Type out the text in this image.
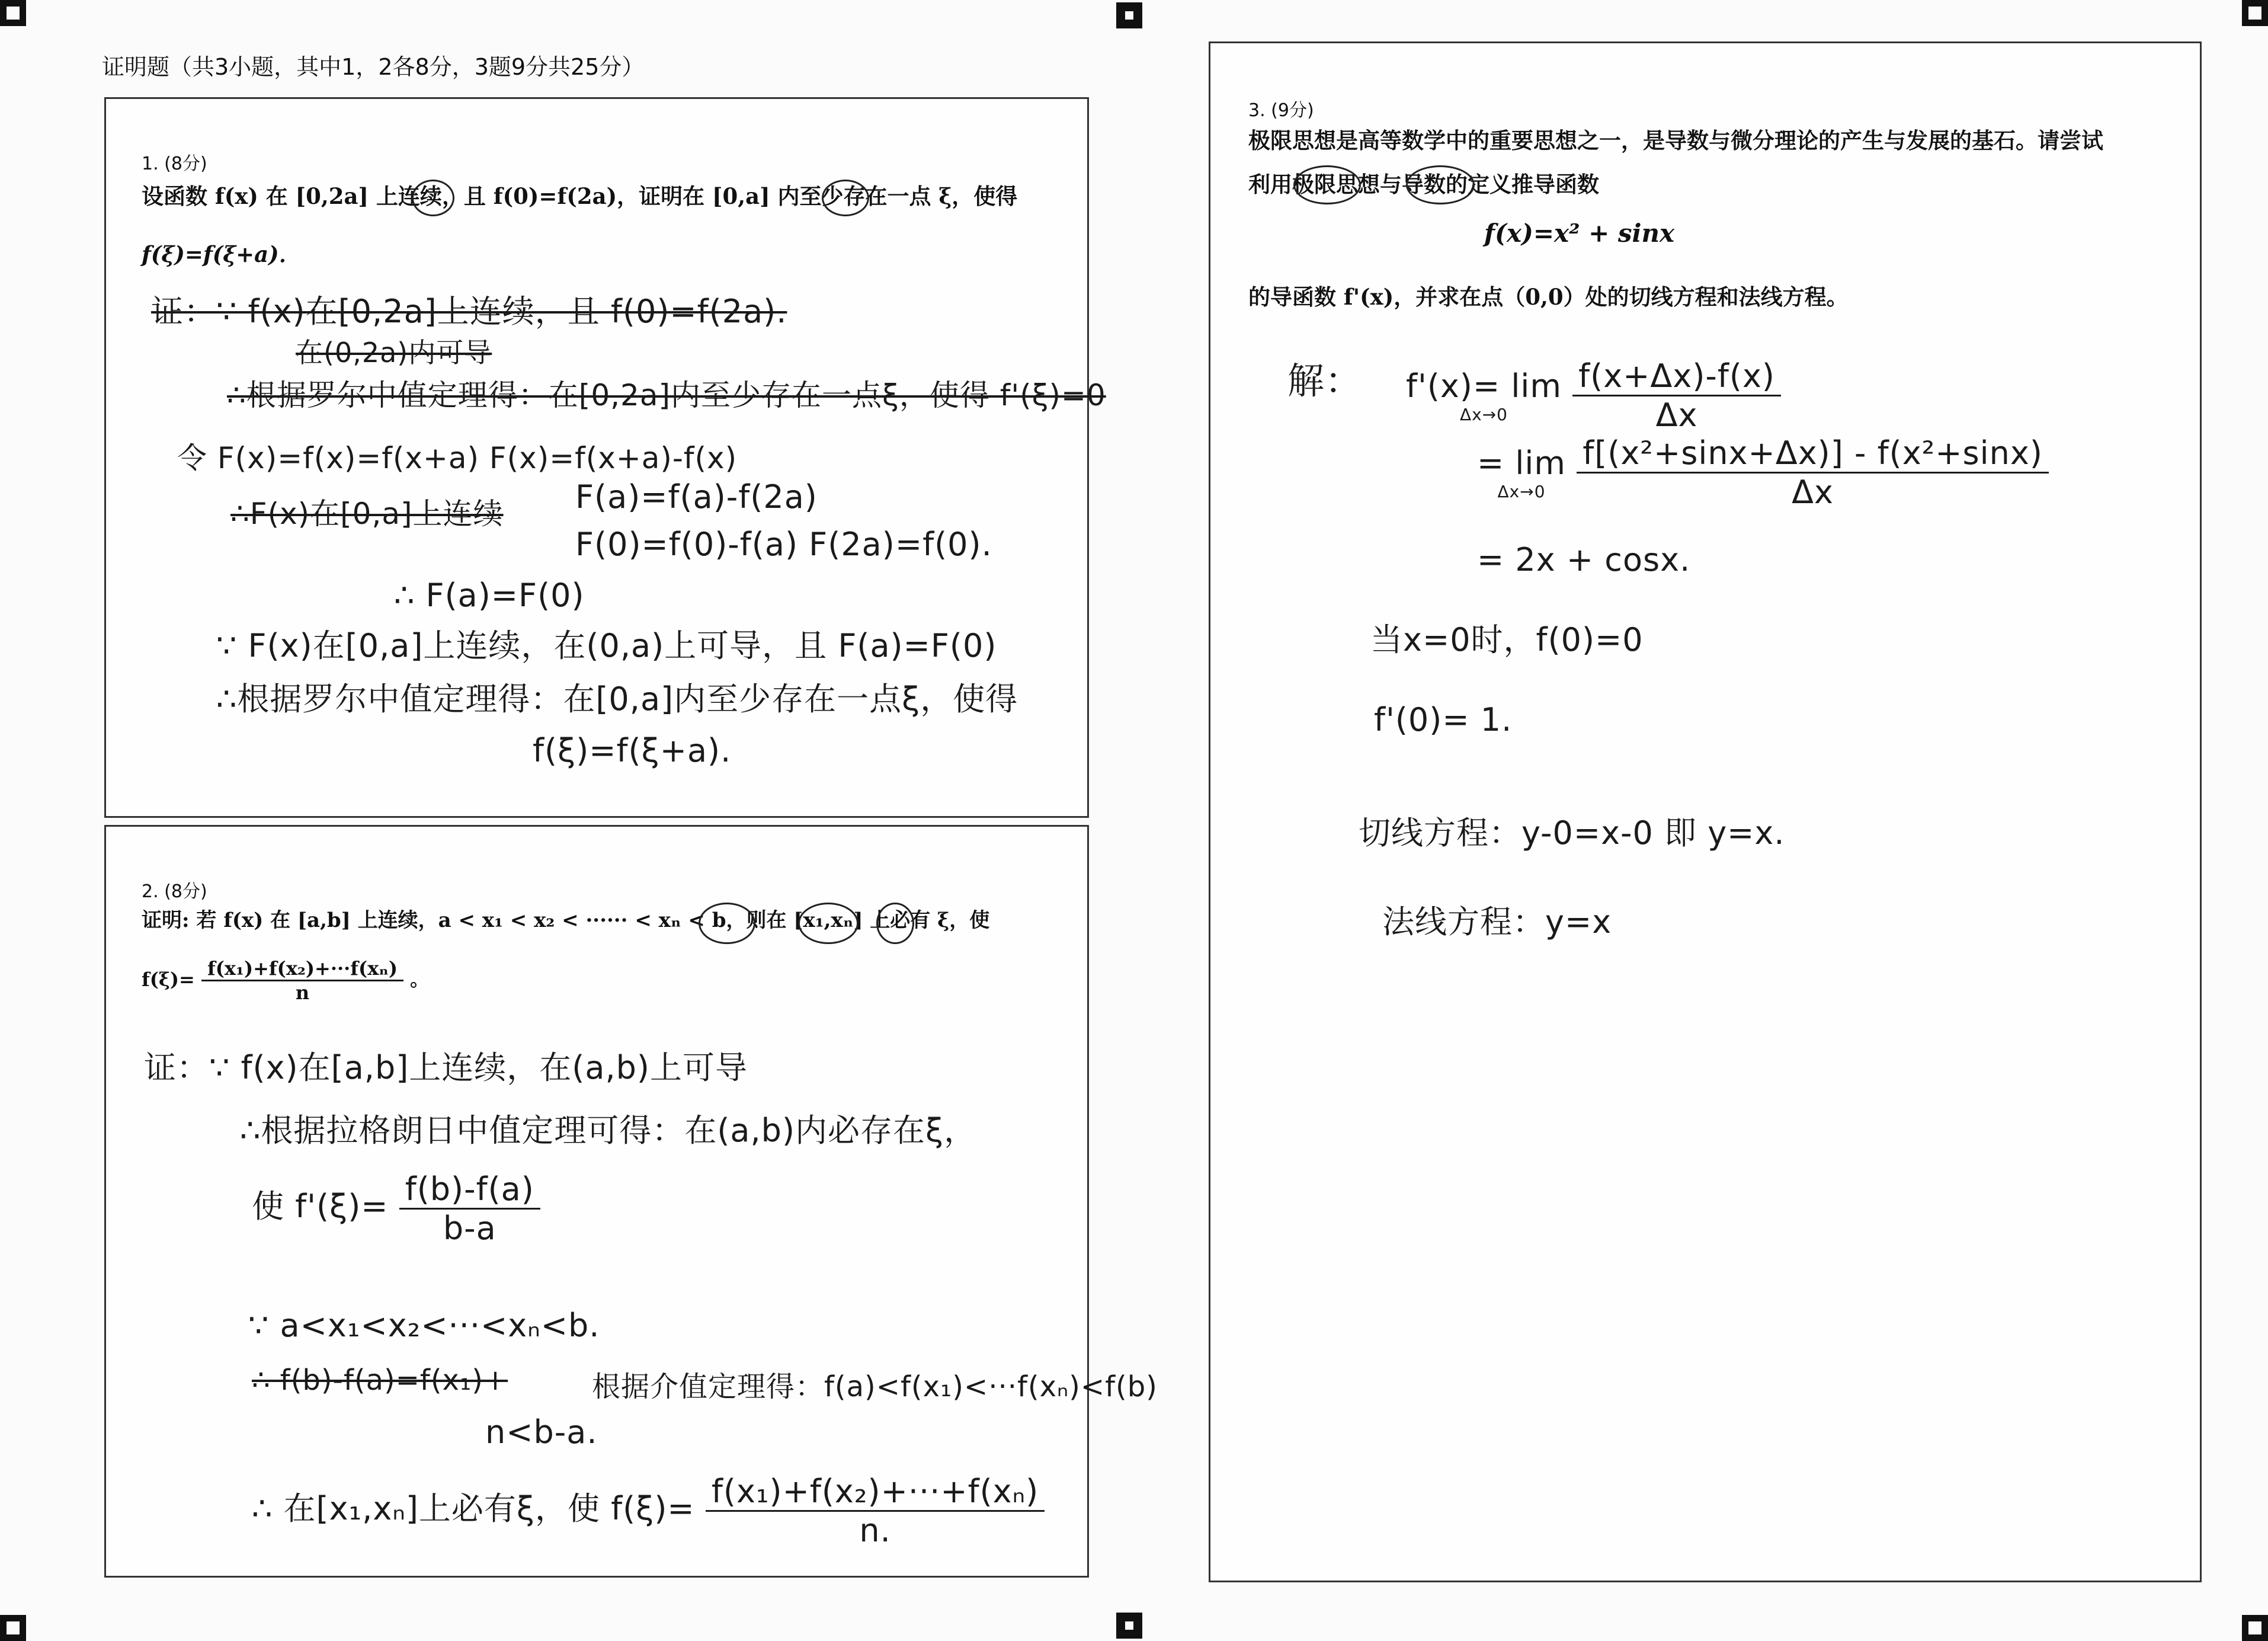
证明题（共3小题，其中1，2各8分，3题9分共25分）
1. (8分)
设函数 f(x) 在 [0,2a] 上连续，且 f(0)=f(2a)，证明在 [0,a] 内至少存在一点 ξ，使得
f(ξ)=f(ξ+a)．
证：∵ f(x)在[0,2a]上连续，且 f(0)=f(2a).
在(0,2a)内可导
∴根据罗尔中值定理得：在[0,2a]内至少存在一点ξ，使得 f'(ξ)=0
令 F(x)=f(x)=f(x+a) F(x)=f(x+a)-f(x)
∴F(x)在[0,a]上连续 F(a)=f(a)-f(2a)
F(0)=f(0)-f(a) F(2a)=f(0).
∴ F(a)=F(0)
∵ F(x)在[0,a]上连续，在(0,a)上可导，且 F(a)=F(0)
∴根据罗尔中值定理得：在[0,a]内至少存在一点ξ，使得
f(ξ)=f(ξ+a).
2. (8分)
证明: 若 f(x) 在 [a,b] 上连续，a < x₁ < x₂ < ······ < xₙ < b，则在 [x₁,xₙ] 上必有 ξ，使
$f(\xi)= \frac{\text{f(x₁)+f(x₂)+···f(xₙ)}}{n}$ 。
证：∵ f(x)在[a,b]上连续，在(a,b)上可导
∴根据拉格朗日中值定理可得：在(a,b)内必存在ξ，
使 $f'(\xi)= \frac{f(b)-f(a)}{b-a}$
∵ a<x₁<x₂<···<xₙ<b.
∴ f(b)-f(a)=f(x₁)+	根据介值定理得：f(a)<f(x₁)<···f(xₙ)<f(b)
n<b-a.
∴ 在[x₁,xₙ]上必有ξ，使 $f(\xi)= \frac{\text{f(x₁)+f(x₂)+···+f(xₙ)}}{n.}$
3. (9分)
极限思想是高等数学中的重要思想之一，是导数与微分理论的产生与发展的基石。请尝试
利用极限思想与导数的定义推导函数
f(x)=x² + sinx
的导函数 f'(x)，并求在点（0,0）处的切线方程和法线方程。
解： f'(x)= lim
Δx→0
$\frac{f(x+\Delta x)-f(x)}{\Delta x}$
= lim
Δx→0
$\frac{\text{f[(x²+sinx+Δx)] - f(x²+sinx)}}{\Delta x}$
= 2x + cosx.
当x=0时，f(0)=0
f'(0)= 1.
切线方程：y-0=x-0 即 y=x.
法线方程：y=x
